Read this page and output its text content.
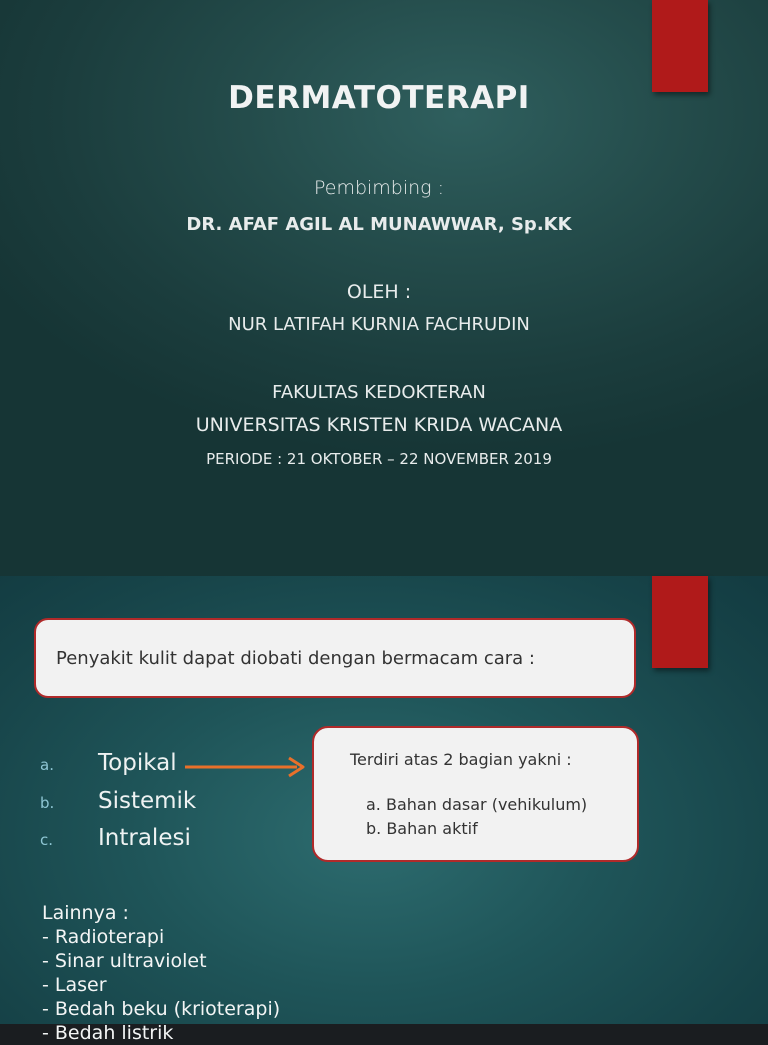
DERMATOTERAPI
Pembimbing :
DR. AFAF AGIL AL MUNAWWAR, Sp.KK
OLEH :
NUR LATIFAH KURNIA FACHRUDIN
FAKULTAS KEDOKTERAN
UNIVERSITAS KRISTEN KRIDA WACANA
PERIODE : 21 OKTOBER – 22 NOVEMBER 2019
Penyakit kulit dapat diobati dengan bermacam cara :
a. Topikal
b. Sistemik
c. Intralesi
Terdiri atas 2 bagian yakni :
a. Bahan dasar (vehikulum)
b. Bahan aktif
Lainnya :
- Radioterapi
- Sinar ultraviolet
- Laser
- Bedah beku (krioterapi)
- Bedah listrik
